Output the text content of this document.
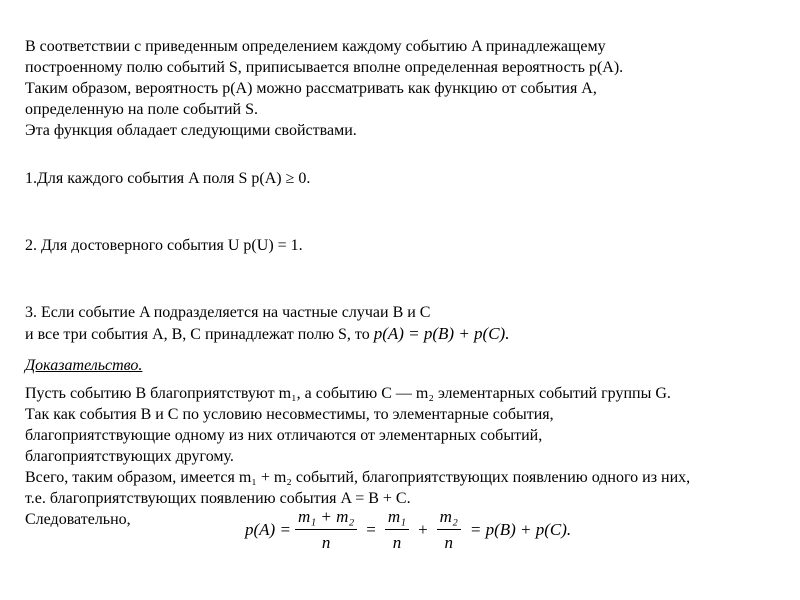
В соответствии с приведенным определением каждому событию A принадлежащему
построенному полю событий S, приписывается вполне определенная вероятность p(A).
Таким образом, вероятность p(A) можно рассматривать как функцию от события A,
определенную на поле событий S.
Эта функция обладает следующими свойствами.
1.Для каждого события A поля S p(A) ≥ 0.
2. Для достоверного события U p(U) = 1.
3. Если событие A подразделяется на частные случаи B и C
и все три события A, B, C принадлежат полю S, то p(A) = p(B) + p(C).
Доказательство.
Пусть событию B благоприятствуют m₁, а событию C — m₂ элементарных событий группы G.
Так как события B и C по условию несовместимы, то элементарные события,
благоприятствующие одному из них отличаются от элементарных событий,
благоприятствующих другому.
Всего, таким образом, имеется m₁ + m₂ событий, благоприятствующих появлению одного из них,
т.е. благоприятствующих появлению события A = B + C.
Следовательно,
$p(A) = \frac{\text{m₁ + m₂}}{n} = \frac{\text{m₁}}{n} + \frac{\text{m₂}}{n} = p(B) + p(C)$.
